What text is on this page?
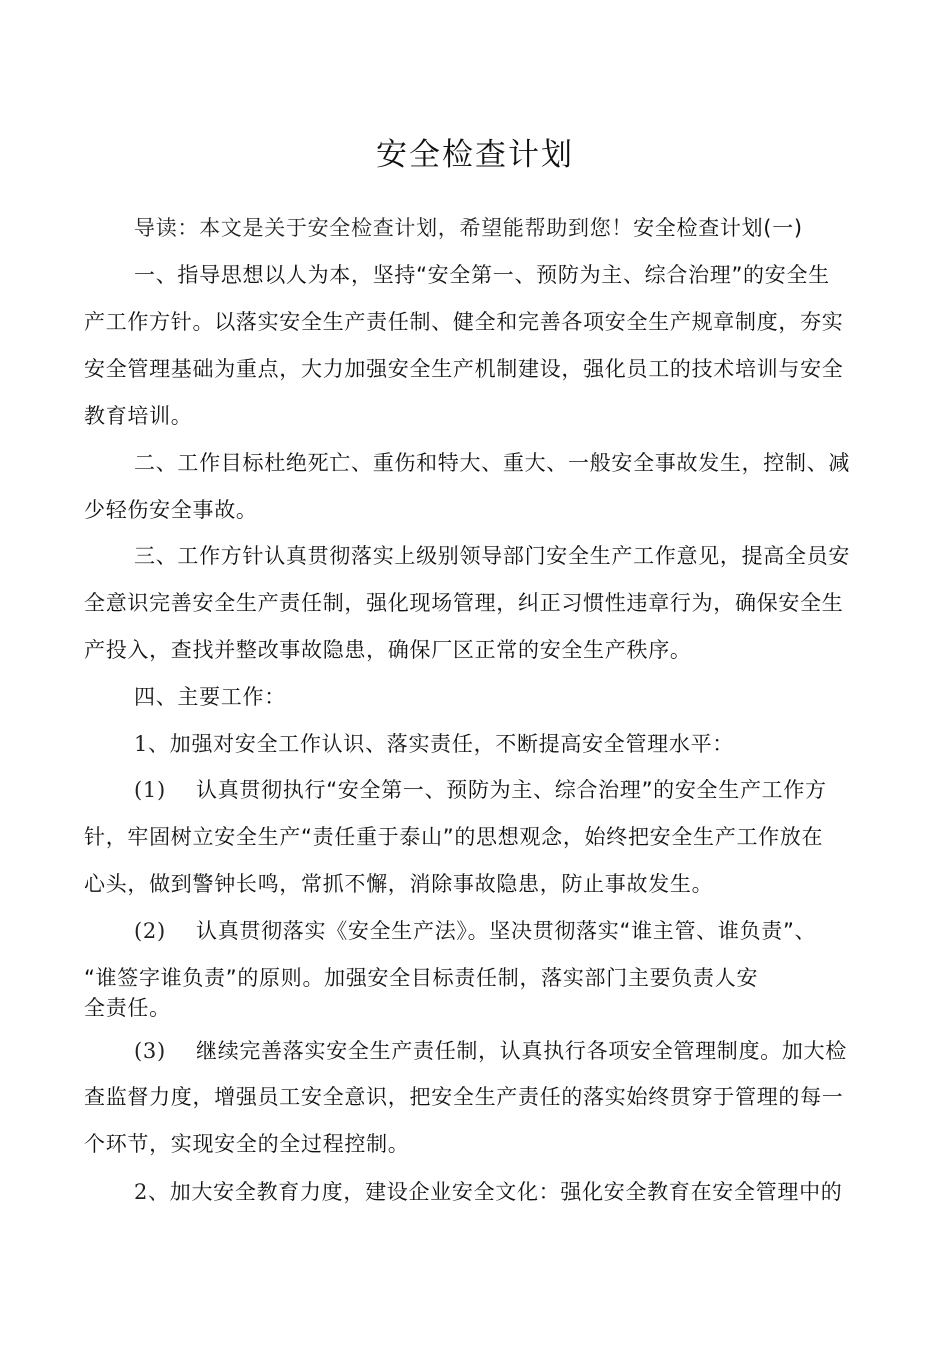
安全检查计划
导读：本文是关于安全检查计划，希望能帮助到您！安全检查计划(一)
一、指导思想以人为本，坚持“安全第一、预防为主、综合治理”的安全生
产工作方针。以落实安全生产责任制、健全和完善各项安全生产规章制度，夯实
安全管理基础为重点，大力加强安全生产机制建设，强化员工的技术培训与安全
教育培训。
二、工作目标杜绝死亡、重伤和特大、重大、一般安全事故发生，控制、减
少轻伤安全事故。
三、工作方针认真贯彻落实上级别领导部门安全生产工作意见，提高全员安
全意识完善安全生产责任制，强化现场管理，纠正习惯性违章行为，确保安全生
产投入，查找并整改事故隐患，确保厂区正常的安全生产秩序。
四、主要工作：
1、加强对安全工作认识、落实责任，不断提高安全管理水平：
(1) 认真贯彻执行“安全第一、预防为主、综合治理”的安全生产工作方
针，牢固树立安全生产“责任重于泰山”的思想观念，始终把安全生产工作放在
心头，做到警钟长鸣，常抓不懈，消除事故隐患，防止事故发生。
(2) 认真贯彻落实《安全生产法》。坚决贯彻落实“谁主管、谁负责”、
“谁签字谁负责”的原则。加强安全目标责任制，落实部门主要负责人安
全责任。
(3) 继续完善落实安全生产责任制，认真执行各项安全管理制度。加大检
查监督力度，增强员工安全意识，把安全生产责任的落实始终贯穿于管理的每一
个环节，实现安全的全过程控制。
2、加大安全教育力度，建设企业安全文化：强化安全教育在安全管理中的
